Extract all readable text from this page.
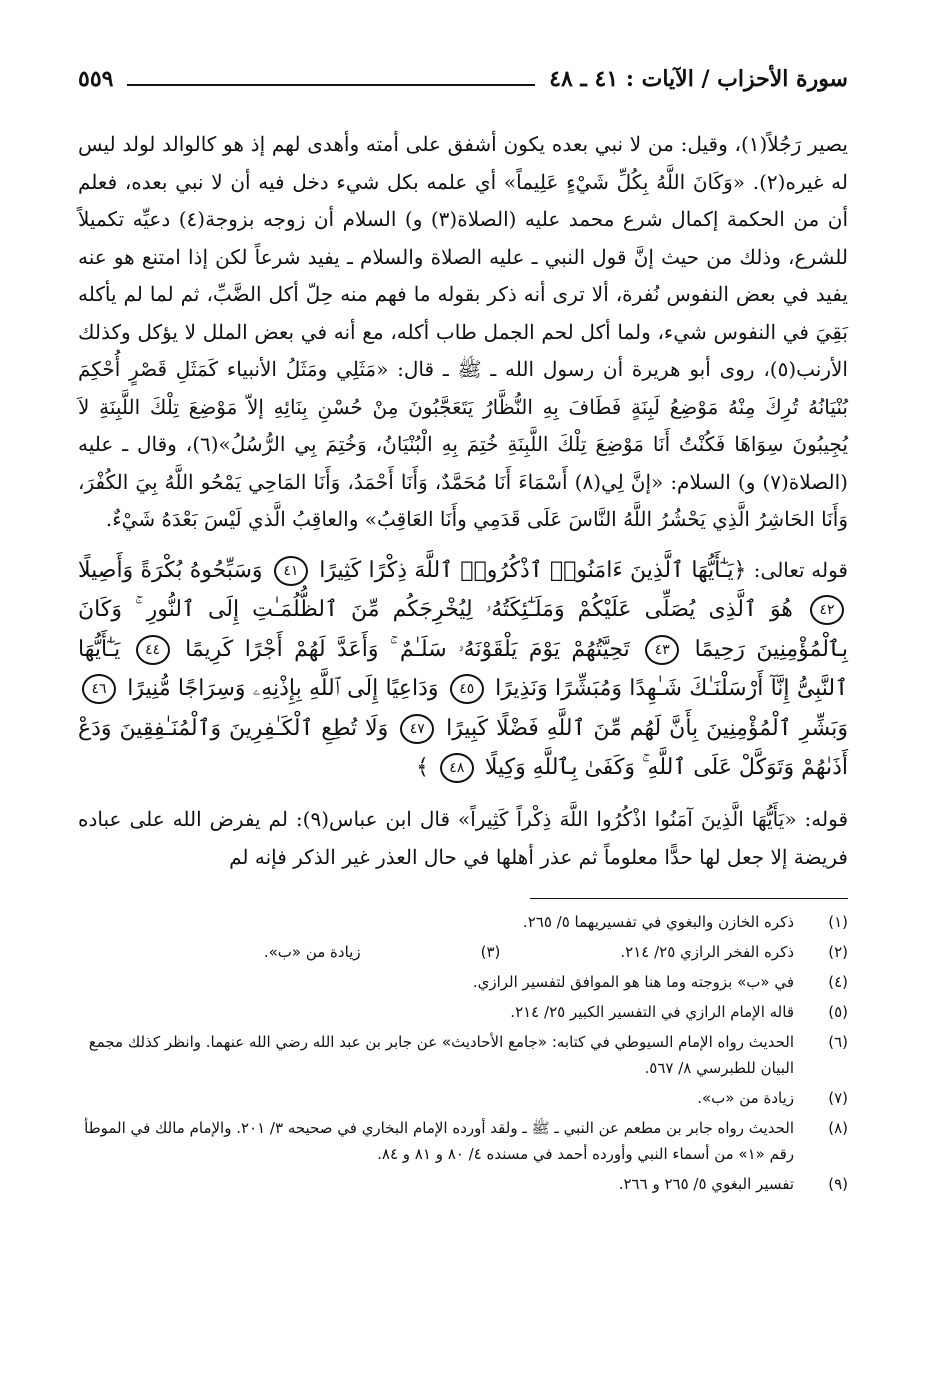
سورة الأحزاب / الآيات : ٤١ ـ ٤٨
٥٥٩

يصير رَجُلاً(١)، وقيل: من لا نبي بعده يكون أشفق على أمته وأهدى لهم إذ هو كالوالد لولد ليس له غيره(٢). «وَكَانَ اللَّهُ بِكُلِّ شَيْءٍ عَلِيماً» أي علمه بكل شيء دخل فيه أن لا نبي بعده، فعلم أن من الحكمة إكمال شرع محمد عليه (الصلاة(٣) و) السلام أن زوجه بزوجة(٤) دعيِّه تكميلاً للشرع، وذلك من حيث إنَّ قول النبي ـ عليه الصلاة والسلام ـ يفيد شرعاً لكن إذا امتنع هو عنه يفيد في بعض النفوس نُفرة، ألا ترى أنه ذكر بقوله ما فهم منه حِلّ أكل الضَّبِّ، ثم لما لم يأكله بَقِيَ في النفوس شيء، ولما أكل لحم الجمل طاب أكله، مع أنه في بعض الملل لا يؤكل وكذلك الأرنب(٥)، روى أبو هريرة أن رسول الله ـ ﷺ ـ قال: «مَثَلِي ومَثَلُ الأنبياء كَمَثَلِ قَصْرٍ أُحْكِمَ بُنْيَانُهُ تُرِكَ مِنْهُ مَوْضِعُ لَبِنَةٍ فَطَافَ بِهِ النُّظَّارُ يَتَعَجَّبُونَ مِنْ حُسْنِ بِنَائِهِ إلاّ مَوْضِعَ تِلْكَ اللَّبِنَةِ لاَ يُجِيبُونَ سِوَاهَا فَكُنْتُ أَنَا مَوْضِعَ تِلْكَ اللَّبِنَةِ خُتِمَ بِهِ الْبُنْيَانُ، وَخُتِمَ بِي الرُّسُلُ»(٦)، وقال ـ عليه (الصلاة(٧) و) السلام: «إنَّ لِي(٨) أَسْمَاءَ أَنَا مُحَمَّدٌ، وَأَنَا أَحْمَدُ، وَأَنَا المَاحِي يَمْحُو اللَّهُ بِيَ الكُفْرَ، وَأَنَا الحَاشِرُ الَّذِي يَحْشُرُ اللَّهُ النَّاسَ عَلَى قَدَمِي وأَنَا العَاقِبُ» والعاقِبُ الَّذي لَيْسَ بَعْدَهُ شَيْءٌ.

قوله تعالى: ﴿يَـٰٓأَيُّهَا ٱلَّذِينَ ءَامَنُوا۟ ٱذْكُرُوا۟ ٱللَّهَ ذِكْرًا كَثِيرًا ٤١ وَسَبِّحُوهُ بُكْرَةً وَأَصِيلًا ٤٢ هُوَ ٱلَّذِى يُصَلِّى عَلَيْكُمْ وَمَلَـٰٓئِكَتُهُۥ لِيُخْرِجَكُم مِّنَ ٱلظُّلُمَـٰتِ إِلَى ٱلنُّورِ ۚ وَكَانَ بِٱلْمُؤْمِنِينَ رَحِيمًا ٤٣ تَحِيَّتُهُمْ يَوْمَ يَلْقَوْنَهُۥ سَلَـٰمٌ ۚ وَأَعَدَّ لَهُمْ أَجْرًا كَرِيمًا ٤٤ يَـٰٓأَيُّهَا ٱلنَّبِىُّ إِنَّآ أَرْسَلْنَـٰكَ شَـٰهِدًا وَمُبَشِّرًا وَنَذِيرًا ٤٥ وَدَاعِيًا إِلَى ٱللَّهِ بِإِذْنِهِۦ وَسِرَاجًا مُّنِيرًا ٤٦ وَبَشِّرِ ٱلْمُؤْمِنِينَ بِأَنَّ لَهُم مِّنَ ٱللَّهِ فَضْلًا كَبِيرًا ٤٧ وَلَا تُطِعِ ٱلْكَـٰفِرِينَ وَٱلْمُنَـٰفِقِينَ وَدَعْ أَذَىٰهُمْ وَتَوَكَّلْ عَلَى ٱللَّهِ ۚ وَكَفَىٰ بِٱللَّهِ وَكِيلًا ٤٨ ﴾
قوله: «يَأَيُّهَا الَّذِينَ آمَنُوا اذْكُرُوا اللَّهَ ذِكْراً كَثِيراً» قال ابن عباس(٩): لم يفرض الله على عباده فريضة إلا جعل لها حدًّا معلوماً ثم عذر أهلها في حال العذر غير الذكر فإنه لم
(١)
ذكره الخازن والبغوي في تفسيريهما ٥/ ٢٦٥.
(٢)
ذكره الفخر الرازي ٢٥/ ٢١٤.
(٣)
زيادة من «ب».
(٤)
في «ب» بزوجته وما هنا هو الموافق لتفسير الرازي.
(٥)
قاله الإمام الرازي في التفسير الكبير ٢٥/ ٢١٤.
(٦)
الحديث رواه الإمام السيوطي في كتابه: «جامع الأحاديث» عن جابر بن عبد الله رضي الله عنهما. وانظر كذلك مجمع البيان للطبرسي ٨/ ٥٦٧.
(٧)
زيادة من «ب».
(٨)
الحديث رواه جابر بن مطعم عن النبي ـ ﷺ ـ ولقد أورده الإمام البخاري في صحيحه ٣/ ٢٠١. والإمام مالك في الموطأ رقم «١» من أسماء النبي وأورده أحمد في مسنده ٤/ ٨٠ و ٨١ و ٨٤.
(٩)
تفسير البغوي ٥/ ٢٦٥ و ٢٦٦.
